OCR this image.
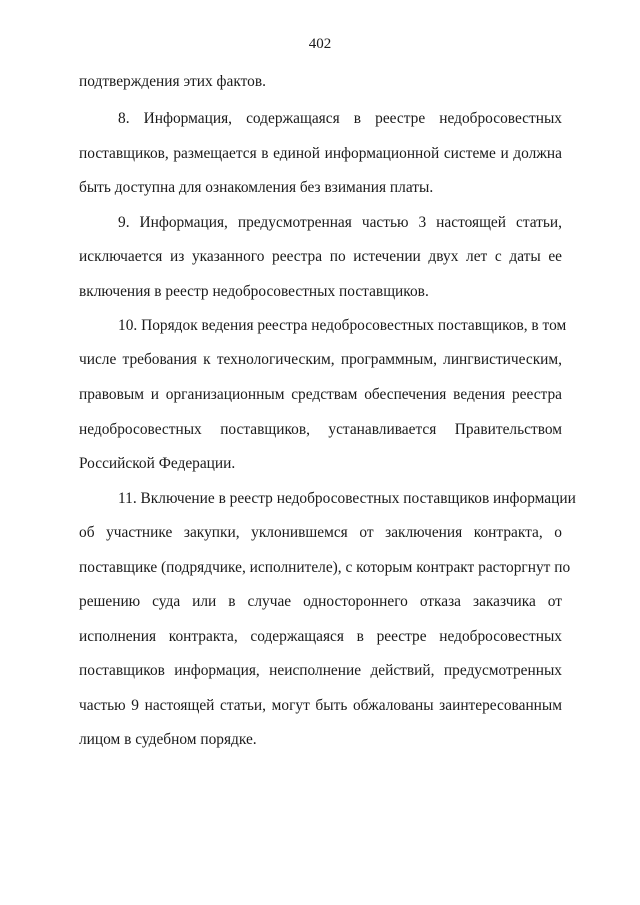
402
подтверждения этих фактов.
8. Информация, содержащаяся в реестре недобросовестных
поставщиков, размещается в единой информационной системе и должна
быть доступна для ознакомления без взимания платы.
9. Информация, предусмотренная частью 3 настоящей статьи,
исключается из указанного реестра по истечении двух лет с даты ее
включения в реестр недобросовестных поставщиков.
10. Порядок ведения реестра недобросовестных поставщиков, в том
числе требования к технологическим, программным, лингвистическим,
правовым и организационным средствам обеспечения ведения реестра
недобросовестных поставщиков, устанавливается Правительством
Российской Федерации.
11. Включение в реестр недобросовестных поставщиков информации
об участнике закупки, уклонившемся от заключения контракта, о
поставщике (подрядчике, исполнителе), с которым контракт расторгнут по
решению суда или в случае одностороннего отказа заказчика от
исполнения контракта, содержащаяся в реестре недобросовестных
поставщиков информация, неисполнение действий, предусмотренных
частью 9 настоящей статьи, могут быть обжалованы заинтересованным
лицом в судебном порядке.
